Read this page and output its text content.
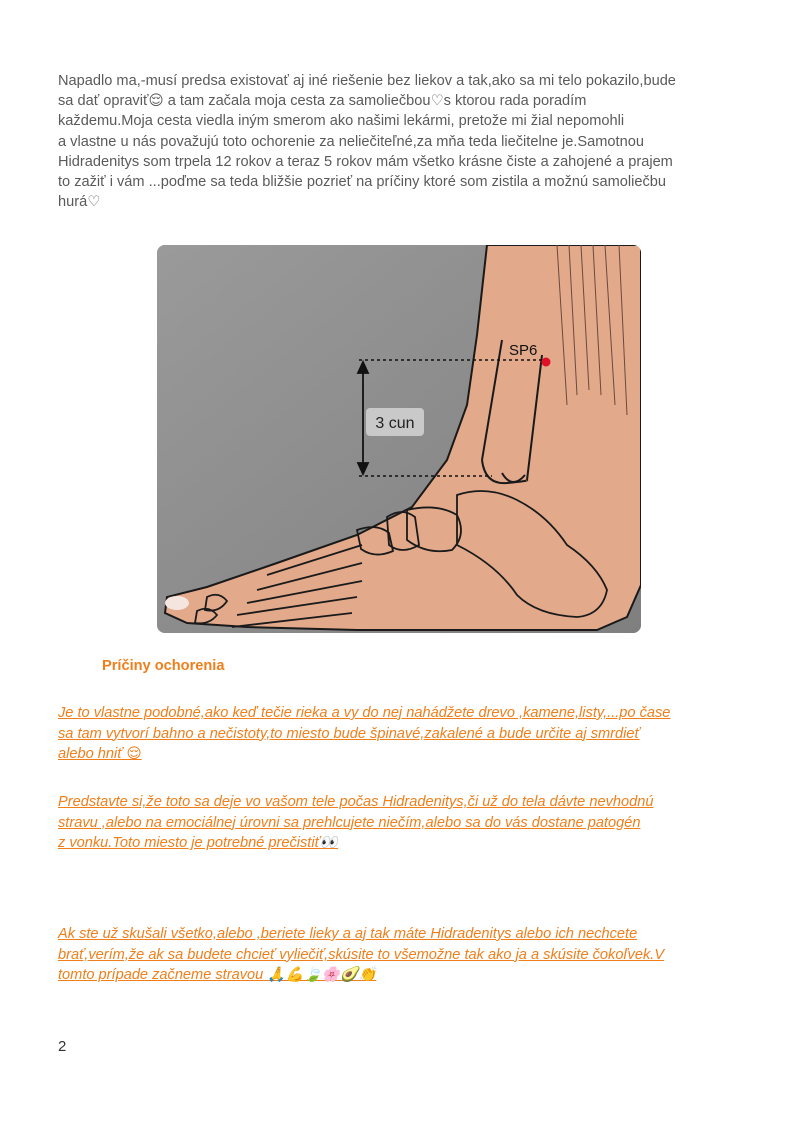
Napadlo ma,-musí predsa existovať aj iné riešenie bez liekov a tak,ako sa mi telo pokazilo,bude
sa dať opraviť😌 a tam začala moja cesta za samoliečbou♡s ktorou rada poradím
každemu.Moja cesta viedla iným smerom ako našimi lekármi, pretože mi žial nepomohli
a vlastne u nás považujú toto ochorenie za neliečiteľné,za mňa teda liečitelne je.Samotnou
Hidradenitys som trpela 12 rokov a teraz 5 rokov mám všetko krásne čiste a zahojené a prajem
to zažiť i vám ...poďme sa teda bližšie pozrieť na príčiny ktoré som zistila a možnú samoliečbu
hurá♡
3 cun
SP6
Príčiny ochorenia
Je to vlastne podobné,ako keď tečie rieka a vy do nej nahádžete drevo ,kamene,listy,...po čase
sa tam vytvorí bahno a nečistoty,to miesto bude špinavé,zakalené a bude určite aj smrdieť
alebo hniť 😌
Predstavte si,že toto sa deje vo vašom tele počas Hidradenitys,či už do tela dávte nevhodnú
stravu ,alebo na emociálnej úrovni sa prehlcujete niečím,alebo sa do vás dostane patogén
z vonku.Toto miesto je potrebné prečistiť👀
Ak ste už skušali všetko,alebo ,beriete lieky a aj tak máte Hidradenitys alebo ich nechcete
brať,verím,že ak sa budete chcieť vyliečiť,skúsite to všemožne tak ako ja a skúsite čokoľvek.V
tomto prípade začneme stravou 🙏💪🍃🌸🥑👏
2
